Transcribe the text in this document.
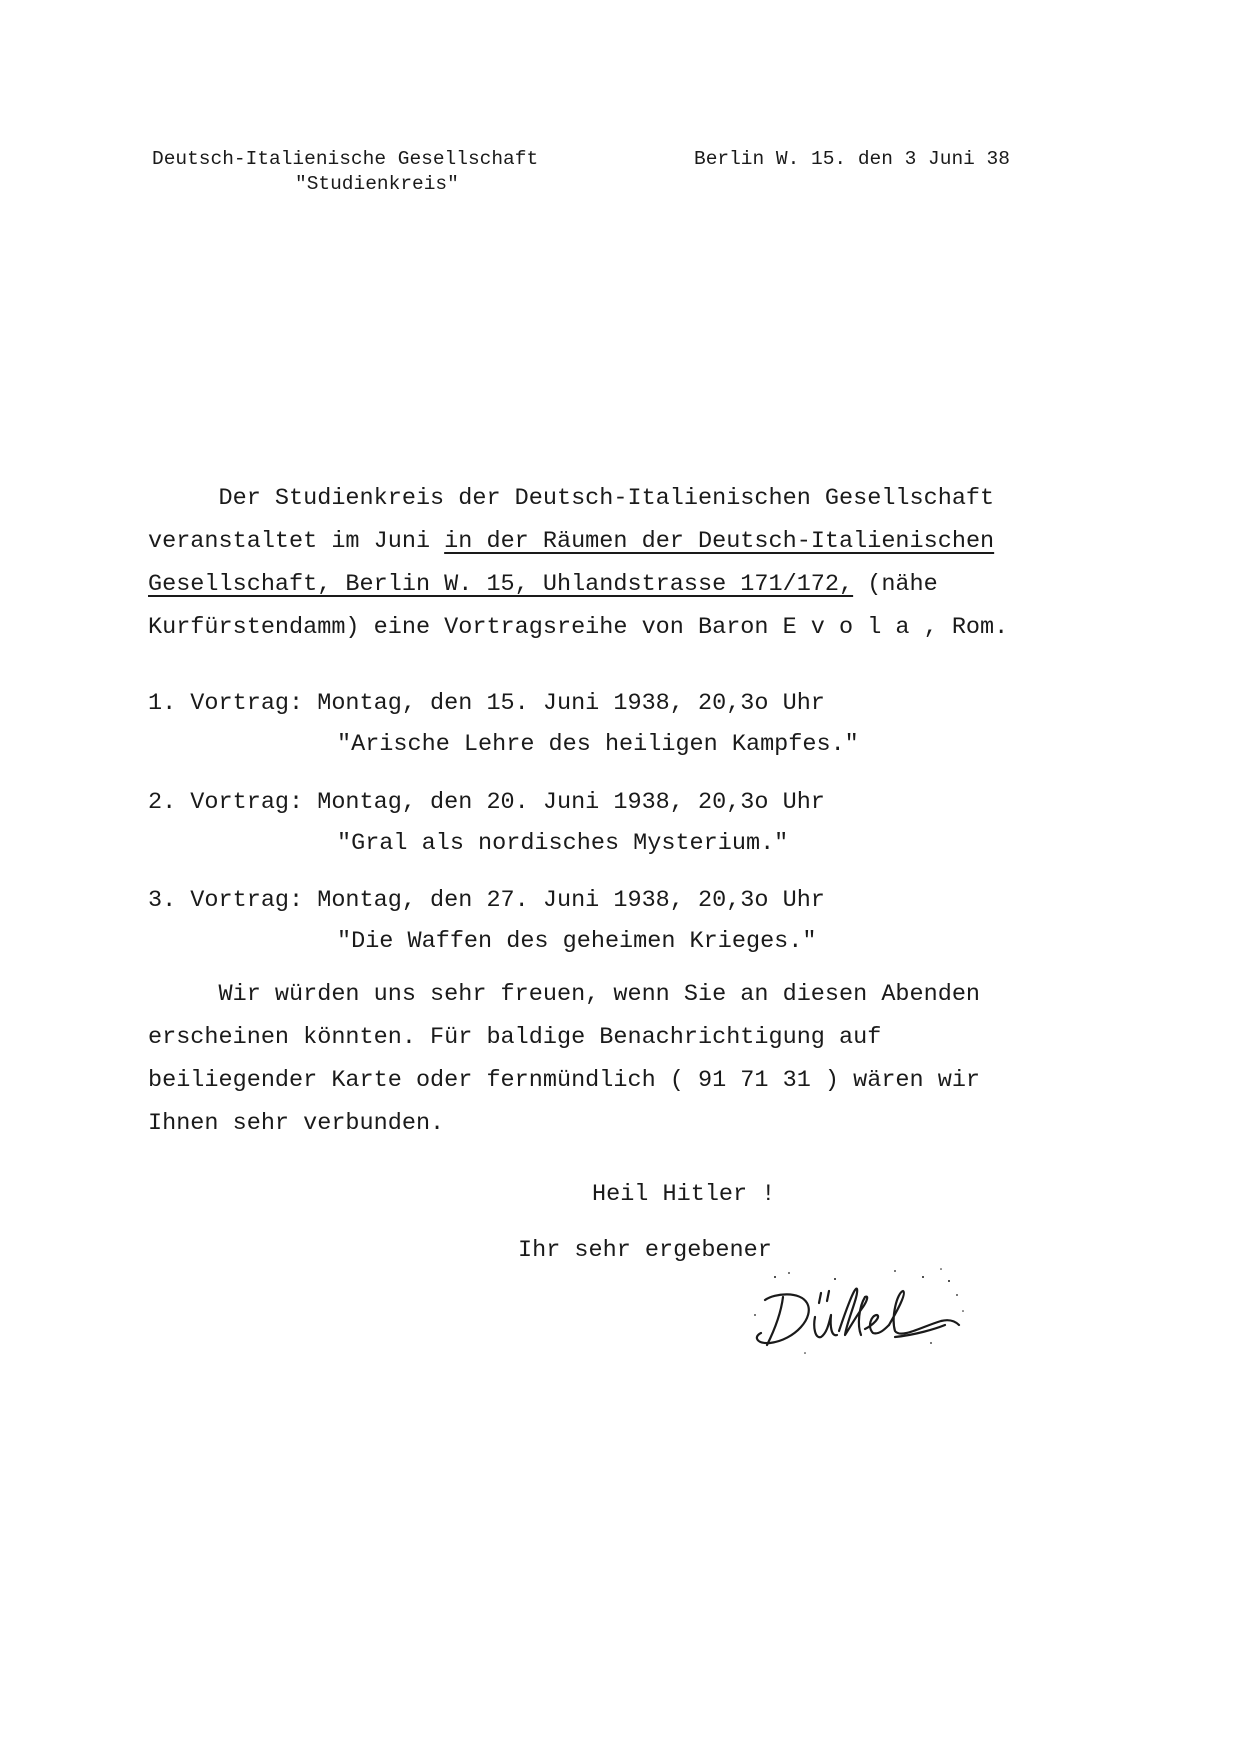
Deutsch-Italienische Gesellschaft
"Studienkreis"
Berlin W. 15. den 3 Juni 38
Der Studienkreis der Deutsch-Italienischen Gesellschaft
veranstaltet im Juni in der Räumen der Deutsch-Italienischen
Gesellschaft, Berlin W. 15, Uhlandstrasse 171/172, (nähe
Kurfürstendamm) eine Vortragsreihe von Baron E v o l a , Rom.
1. Vortrag: Montag, den 15. Juni 1938, 20,3o Uhr
"Arische Lehre des heiligen Kampfes."
2. Vortrag: Montag, den 20. Juni 1938, 20,3o Uhr
"Gral als nordisches Mysterium."
3. Vortrag: Montag, den 27. Juni 1938, 20,3o Uhr
"Die Waffen des geheimen Krieges."
Wir würden uns sehr freuen, wenn Sie an diesen Abenden
erscheinen könnten. Für baldige Benachrichtigung auf
beiliegender Karte oder fernmündlich ( 91 71 31 ) wären wir
Ihnen sehr verbunden.
Heil Hitler !
Ihr sehr ergebener
